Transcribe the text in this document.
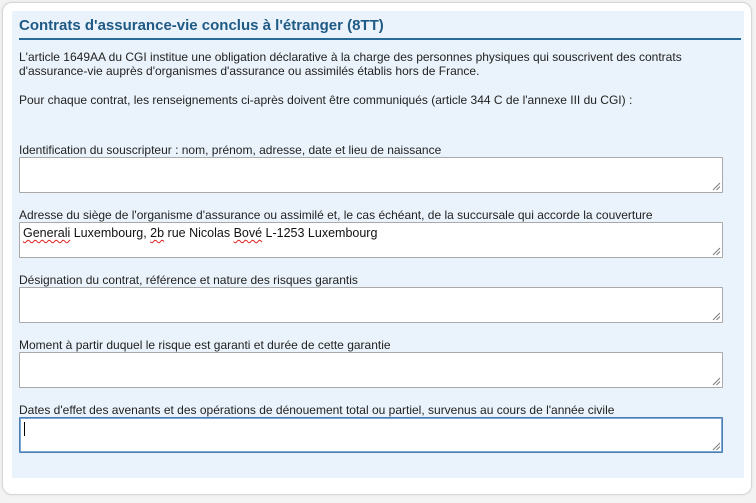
Contrats d'assurance-vie conclus à l'étranger (8TT)

L'article 1649AA du CGI institue une obligation déclarative à la charge des personnes physiques qui souscrivent des contrats d'assurance-vie auprès d'organismes d'assurance ou assimilés établis hors de France.

Pour chaque contrat, les renseignements ci-après doivent être communiqués (article 344 C de l'annexe III du CGI) :

Identification du souscripteur : nom, prénom, adresse, date et lieu de naissance

Adresse du siège de l'organisme d'assurance ou assimilé et, le cas échéant, de la succursale qui accorde la couverture

Generali Luxembourg, 2b rue Nicolas Bové L-1253 Luxembourg

Désignation du contrat, référence et nature des risques garantis

Moment à partir duquel le risque est garanti et durée de cette garantie

Dates d'effet des avenants et des opérations de dénouement total ou partiel, survenus au cours de l'année civile
